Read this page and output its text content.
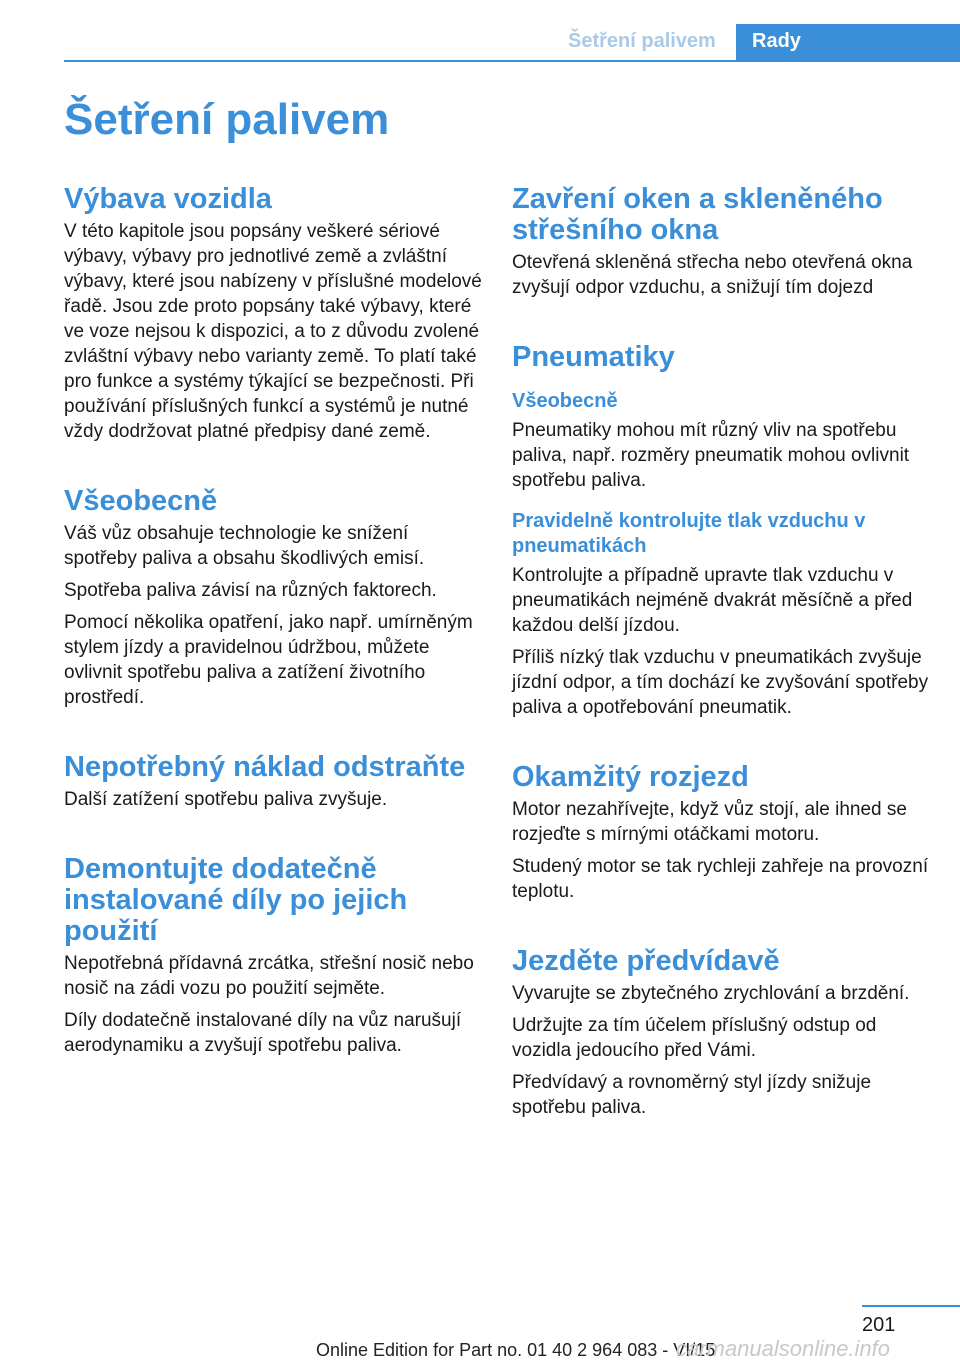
Šetření palivem Rady
Šetření palivem
Výbava vozidla

V této kapitole jsou popsány veškeré sériové výbavy, výbavy pro jednotlivé země a zvláštní výbavy, které jsou nabízeny v příslušné modelové řadě. Jsou zde proto popsány také výbavy, které ve voze nejsou k dispozici, a to z důvodu zvolené zvláštní výbavy nebo varianty země. To platí také pro funkce a systémy týkající se bezpečnosti. Při používání příslušných funkcí a systémů je nutné vždy dodržovat platné předpisy dané země.

Všeobecně

Váš vůz obsahuje technologie ke snížení spotřeby paliva a obsahu škodlivých emisí.

Spotřeba paliva závisí na různých faktorech.

Pomocí několika opatření, jako např. umírněným stylem jízdy a pravidelnou údržbou, můžete ovlivnit spotřebu paliva a zatížení životního prostředí.

Nepotřebný náklad odstraňte

Další zatížení spotřebu paliva zvyšuje.

Demontujte dodatečně instalované díly po jejich použití

Nepotřebná přídavná zrcátka, střešní nosič nebo nosič na zádi vozu po použití sejměte.

Díly dodatečně instalované díly na vůz narušují aerodynamiku a zvyšují spotřebu paliva.

Zavření oken a skleněného střešního okna

Otevřená skleněná střecha nebo otevřená okna zvyšují odpor vzduchu, a snižují tím dojezd

Pneumatiky
Všeobecně

Pneumatiky mohou mít různý vliv na spotřebu paliva, např. rozměry pneumatik mohou ovlivnit spotřebu paliva.

Pravidelně kontrolujte tlak vzduchu v pneumatikách

Kontrolujte a případně upravte tlak vzduchu v pneumatikách nejméně dvakrát měsíčně a před každou delší jízdou.

Příliš nízký tlak vzduchu v pneumatikách zvyšuje jízdní odpor, a tím dochází ke zvyšování spotřeby paliva a opotřebování pneumatik.

Okamžitý rozjezd

Motor nezahřívejte, když vůz stojí, ale ihned se rozjeďte s mírnými otáčkami motoru.

Studený motor se tak rychleji zahřeje na provozní teplotu.

Jezděte předvídavě

Vyvarujte se zbytečného zrychlování a brzdění.

Udržujte za tím účelem příslušný odstup od vozidla jedoucího před Vámi.

Předvídavý a rovnoměrný styl jízdy snižuje spotřebu paliva.

201
Online Edition for Part no. 01 40 2 964 083 - VI/15
carmanualsonline.info
